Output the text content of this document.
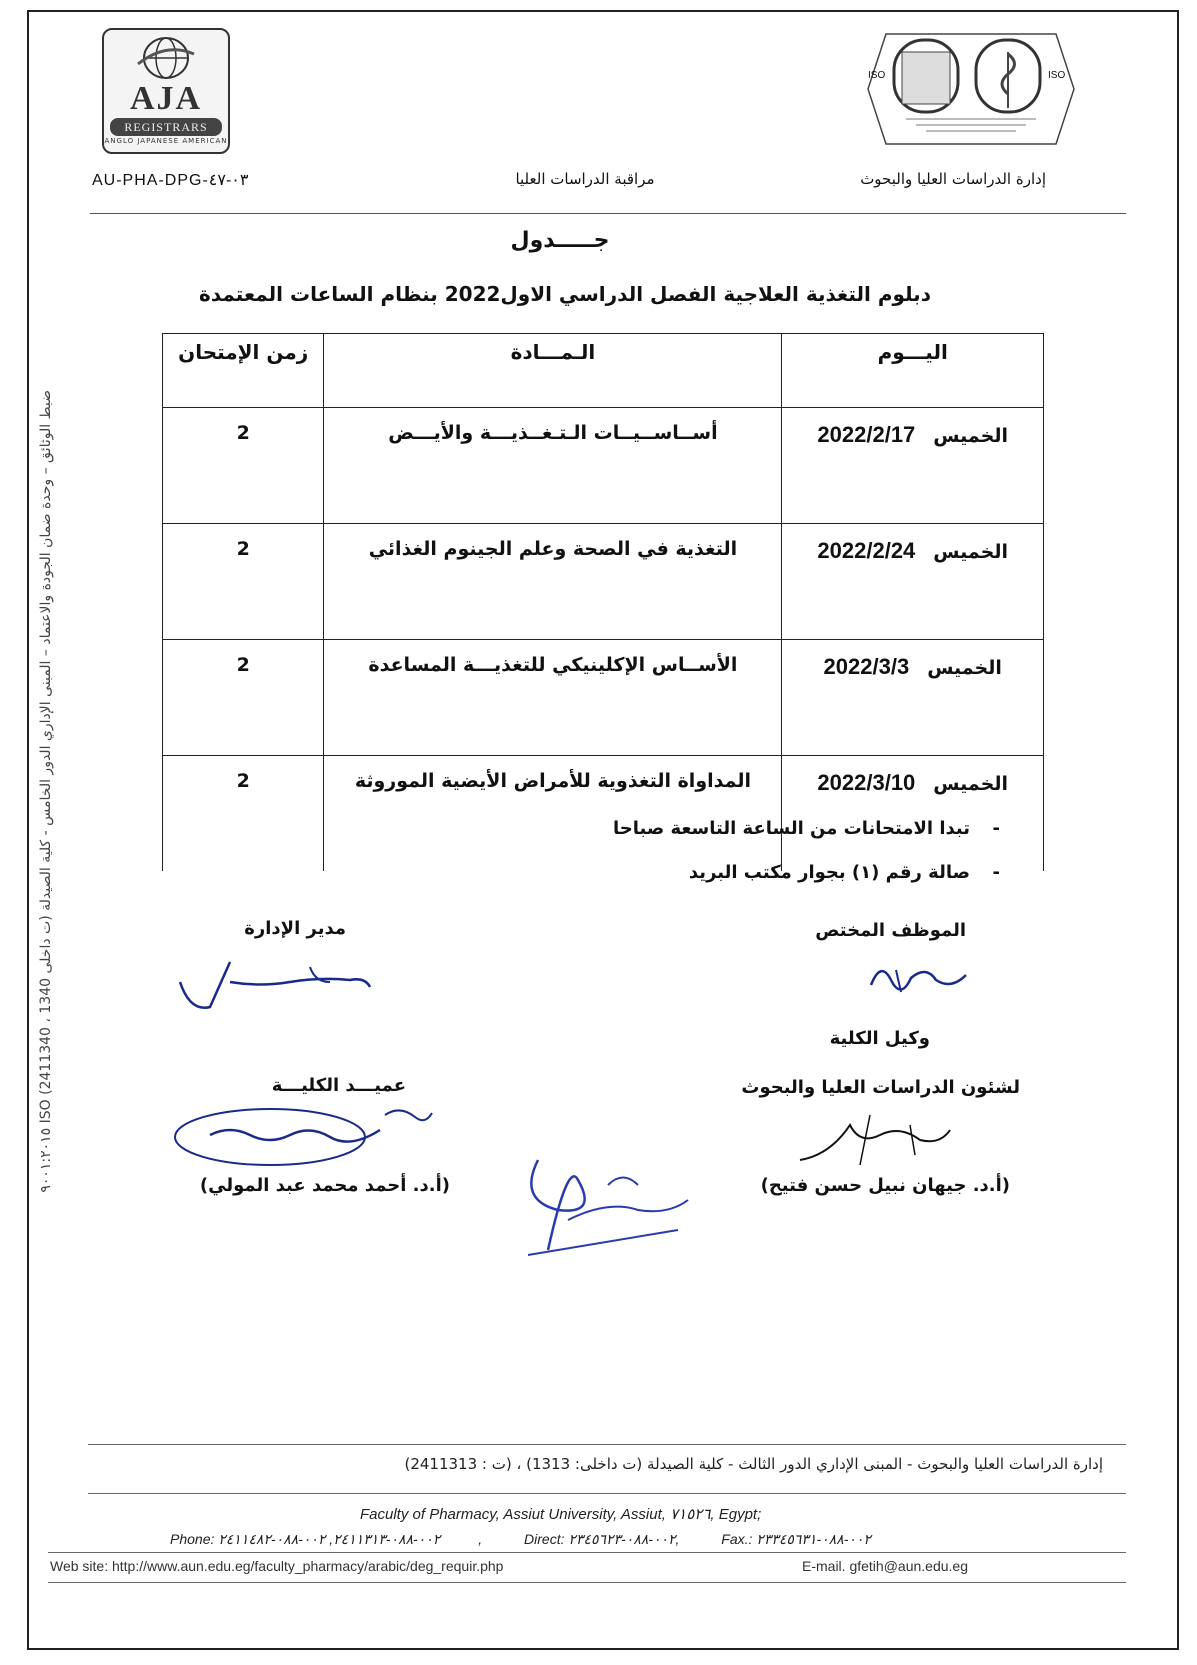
AJA
REGISTRARS
ANGLO JAPANESE AMERICAN
ISO	ISO
AU-PHA-DPG-٠٣-٤٧	مراقبة الدراسات العليا	إدارة الدراسات العليا والبحوث
جـــــدول
دبلوم التغذية العلاجية الفصل الدراسي الاول2022 بنظام الساعات المعتمدة
اليـــوم	الـمـــادة	زمن الإمتحان
الخميس2022/2/17	أســاســيــات الـتـغــذيـــة والأيـــض	2
الخميس2022/2/24	التغذية في الصحة وعلم الجينوم الغذائي	2
الخميس2022/3/3	الأســاس الإكلينيكي للتغذيـــة المساعدة	2
الخميس2022/3/10	المداواة التغذوية للأمراض الأيضية الموروثة	2
-تبدا الامتحانات من الساعة التاسعة صباحا
-صالة رقم (١) بجوار مكتب البريد
الموظف المختص
مدير الإدارة
وكيل الكلية
لشئون الدراسات العليا والبحوث
(أ.د. جيهان نبيل حسن فتيح)
عميـــد الكليـــة
(أ.د. أحمد محمد عبد المولي)
ضبط الوثائق – وحدة ضمان الجودة والاعتماد – المبنى الإداري الدور الخامس - كلية الصيدلة (ت داخلى 1340 ، ISO (2411340 ٩٠٠١:٢٠١٥
إدارة الدراسات العليا والبحوث - المبنى الإداري الدور الثالث - كلية الصيدلة (ت داخلى: 1313) ، (ت : 2411313)
Faculty of Pharmacy, Assiut University, Assiut, ٧١٥٢٦, Egypt;
Phone: ٠٠٢-٠٨٨-٢٤١١٣١٣, ٠٠٢-٠٨٨-٢٤١١٤٨٢,	Direct: ٠٠٢-٠٨٨-٢٣٤٥٦٢٣,	Fax.: ٠٠٢-٠٨٨-٢٣٣٤٥٦٣١
Web site: http://www.aun.edu.eg/faculty_pharmacy/arabic/deg_requir.php	E-mail. gfetih@aun.edu.eg
